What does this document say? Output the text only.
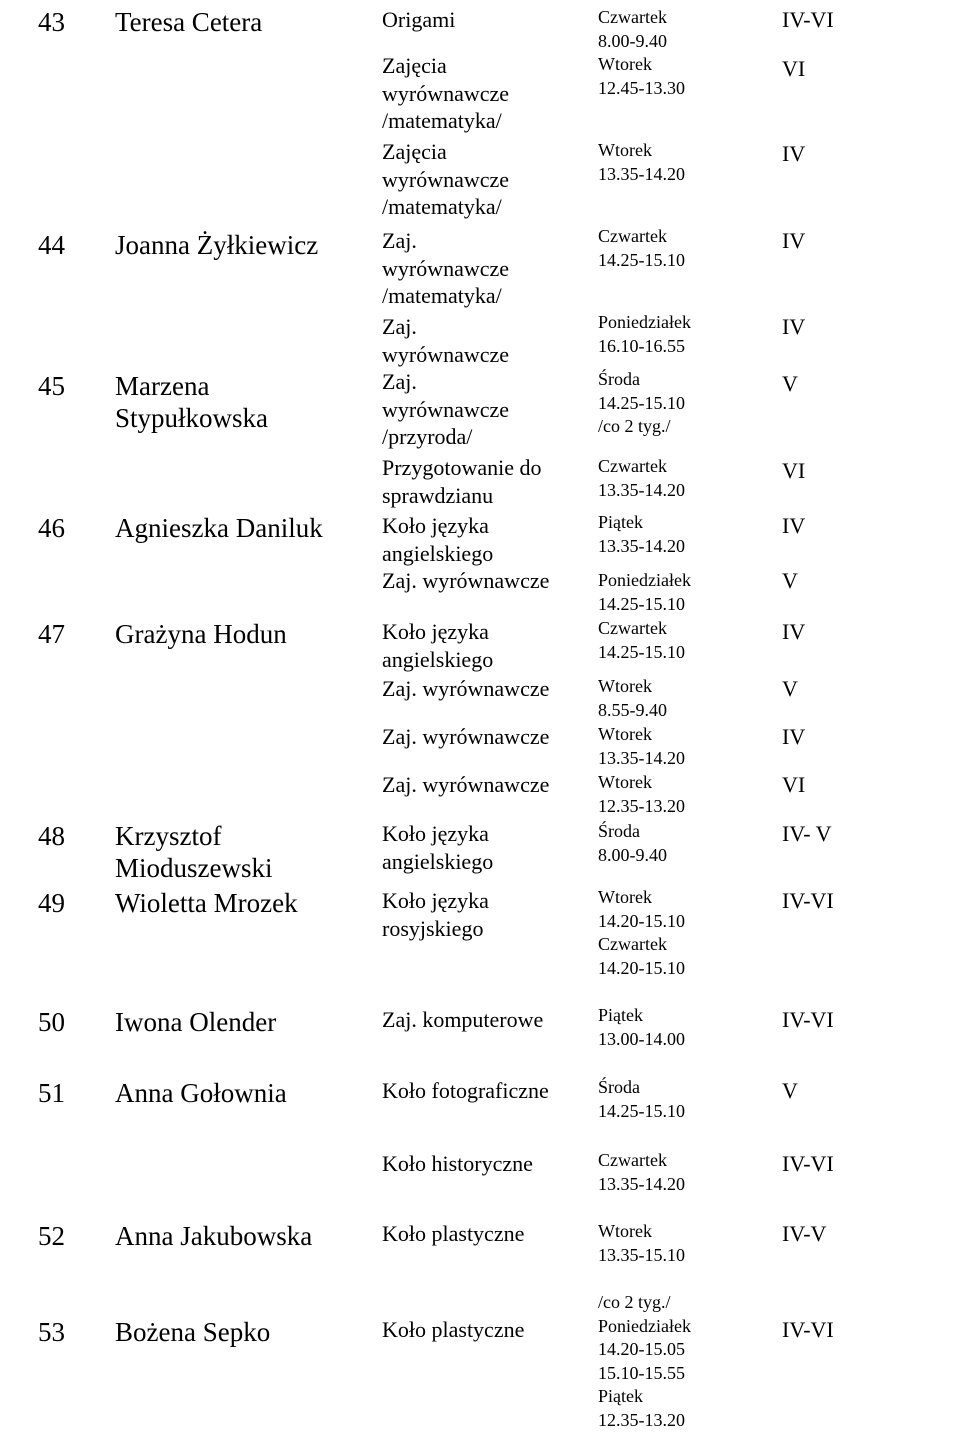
43 Teresa Cetera
44 Joanna Żyłkiewicz
45 Marzena
Stypułkowska
46 Agnieszka Daniluk
47 Grażyna Hodun
48 Krzysztof
Mioduszewski
49 Wioletta Mrozek
50 Iwona Olender
51 Anna Gołownia
52 Anna Jakubowska
53 Bożena Sepko
Origami
Zajęcia
wyrównawcze
/matematyka/
Zajęcia
wyrównawcze
/matematyka/
Zaj.
wyrównawcze
/matematyka/
Zaj.
wyrównawcze
Zaj.
wyrównawcze
/przyroda/
Przygotowanie do
sprawdzianu
Koło języka
angielskiego
Zaj. wyrównawcze
Koło języka
angielskiego
Zaj. wyrównawcze
Zaj. wyrównawcze
Zaj. wyrównawcze
Koło języka
angielskiego
Koło języka
rosyjskiego
Zaj. komputerowe
Koło fotograficzne
Koło historyczne
Koło plastyczne
Koło plastyczne
Czwartek
8.00-9.40
Wtorek
12.45-13.30
Wtorek
13.35-14.20
Czwartek
14.25-15.10
Poniedziałek
16.10-16.55
Środa
14.25-15.10
/co 2 tyg./
Czwartek
13.35-14.20
Piątek
13.35-14.20
Poniedziałek
14.25-15.10
Czwartek
14.25-15.10
Wtorek
8.55-9.40
Wtorek
13.35-14.20
Wtorek
12.35-13.20
Środa
8.00-9.40
Wtorek
14.20-15.10
Czwartek
14.20-15.10
Piątek
13.00-14.00
Środa
14.25-15.10
Czwartek
13.35-14.20
Wtorek
13.35-15.10
/co 2 tyg./
Poniedziałek
14.20-15.05
15.10-15.55
Piątek
12.35-13.20
IV-VI
VI
IV
IV
IV
V
VI
IV
V
IV
V
IV
VI
IV- V
IV-VI
IV-VI
V
IV-VI
IV-V
IV-VI
